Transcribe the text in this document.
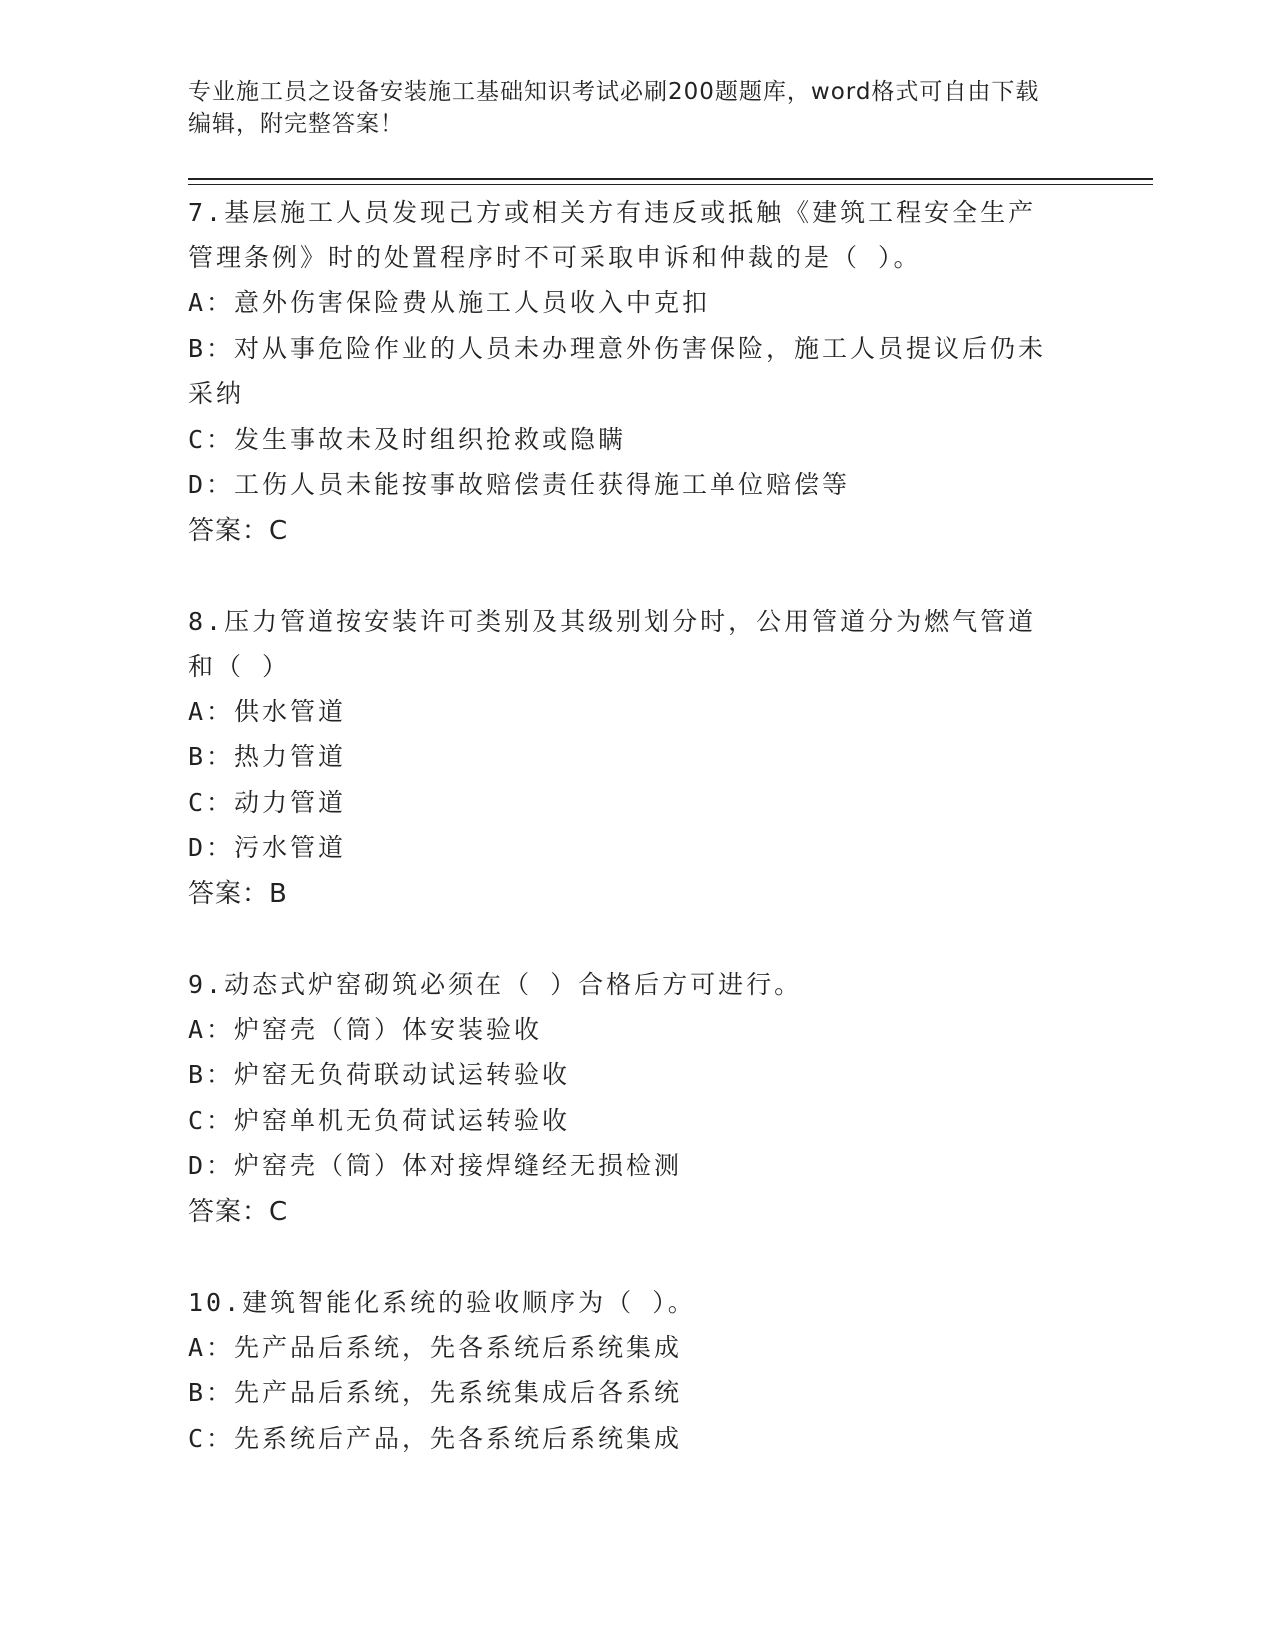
专业施工员之设备安装施工基础知识考试必刷200题题库，word格式可自由下载
编辑，附完整答案！

7.基层施工人员发现己方或相关方有违反或抵触《建筑工程安全生产

管理条例》时的处置程序时不可采取申诉和仲裁的是（ ）。

A：意外伤害保险费从施工人员收入中克扣

B：对从事危险作业的人员未办理意外伤害保险，施工人员提议后仍未采纳

C：发生事故未及时组织抢救或隐瞒

D：工伤人员未能按事故赔偿责任获得施工单位赔偿等

答案：C

8.压力管道按安装许可类别及其级别划分时，公用管道分为燃气管道

和（ ）

A：供水管道

B：热力管道

C：动力管道

D：污水管道

答案：B

9.动态式炉窑砌筑必须在（ ）合格后方可进行。

A：炉窑壳（筒）体安装验收

B：炉窑无负荷联动试运转验收

C：炉窑单机无负荷试运转验收

D：炉窑壳（筒）体对接焊缝经无损检测

答案：C

10.建筑智能化系统的验收顺序为（ ）。

A：先产品后系统，先各系统后系统集成

B：先产品后系统，先系统集成后各系统

C：先系统后产品，先各系统后系统集成
